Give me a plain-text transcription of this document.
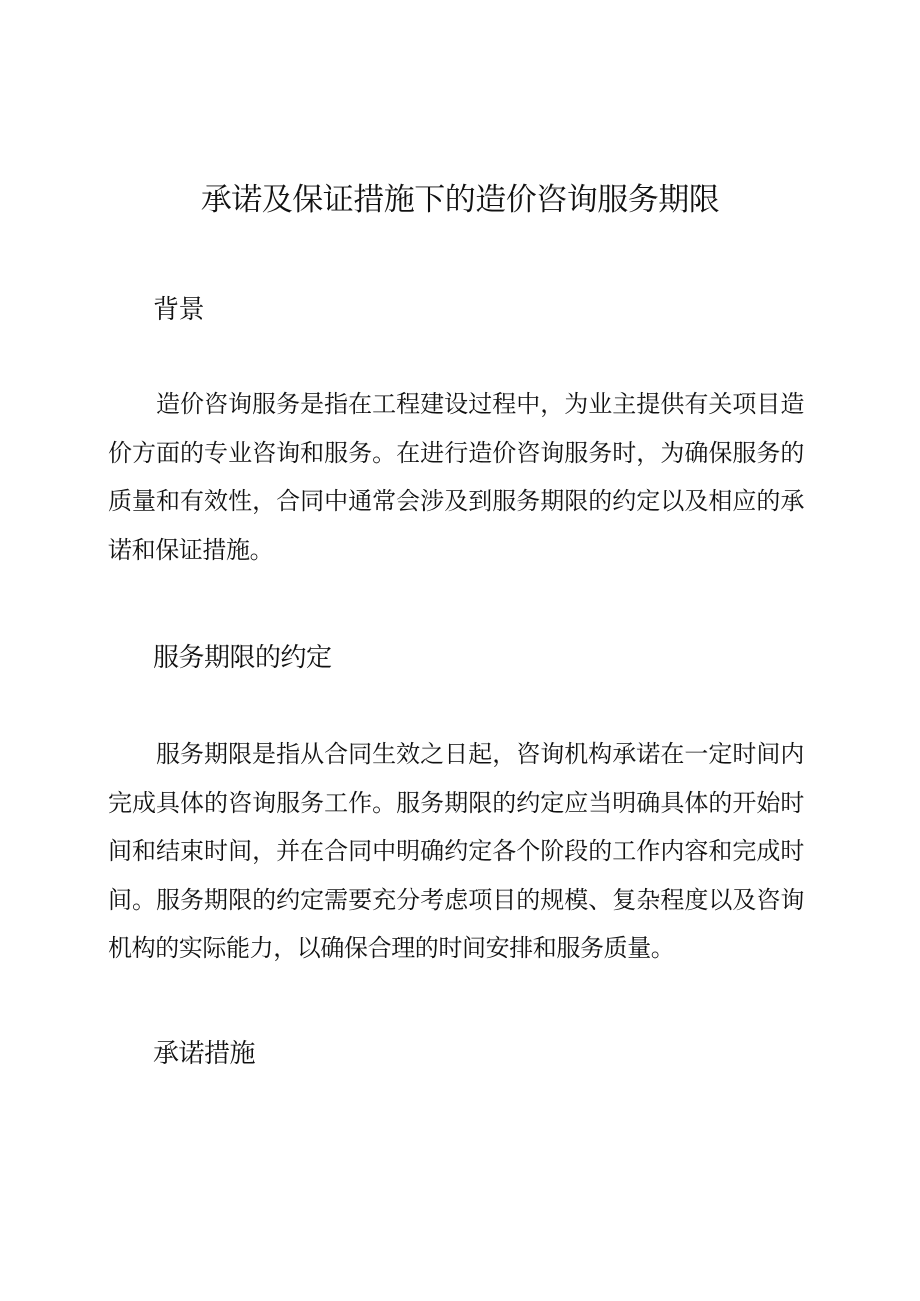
承诺及保证措施下的造价咨询服务期限
背景

造价咨询服务是指在工程建设过程中，为业主提供有关项目造价方面的专业咨询和服务。在进行造价咨询服务时，为确保服务的质量和有效性，合同中通常会涉及到服务期限的约定以及相应的承诺和保证措施。

服务期限的约定

服务期限是指从合同生效之日起，咨询机构承诺在一定时间内完成具体的咨询服务工作。服务期限的约定应当明确具体的开始时间和结束时间，并在合同中明确约定各个阶段的工作内容和完成时间。服务期限的约定需要充分考虑项目的规模、复杂程度以及咨询机构的实际能力，以确保合理的时间安排和服务质量。

承诺措施
